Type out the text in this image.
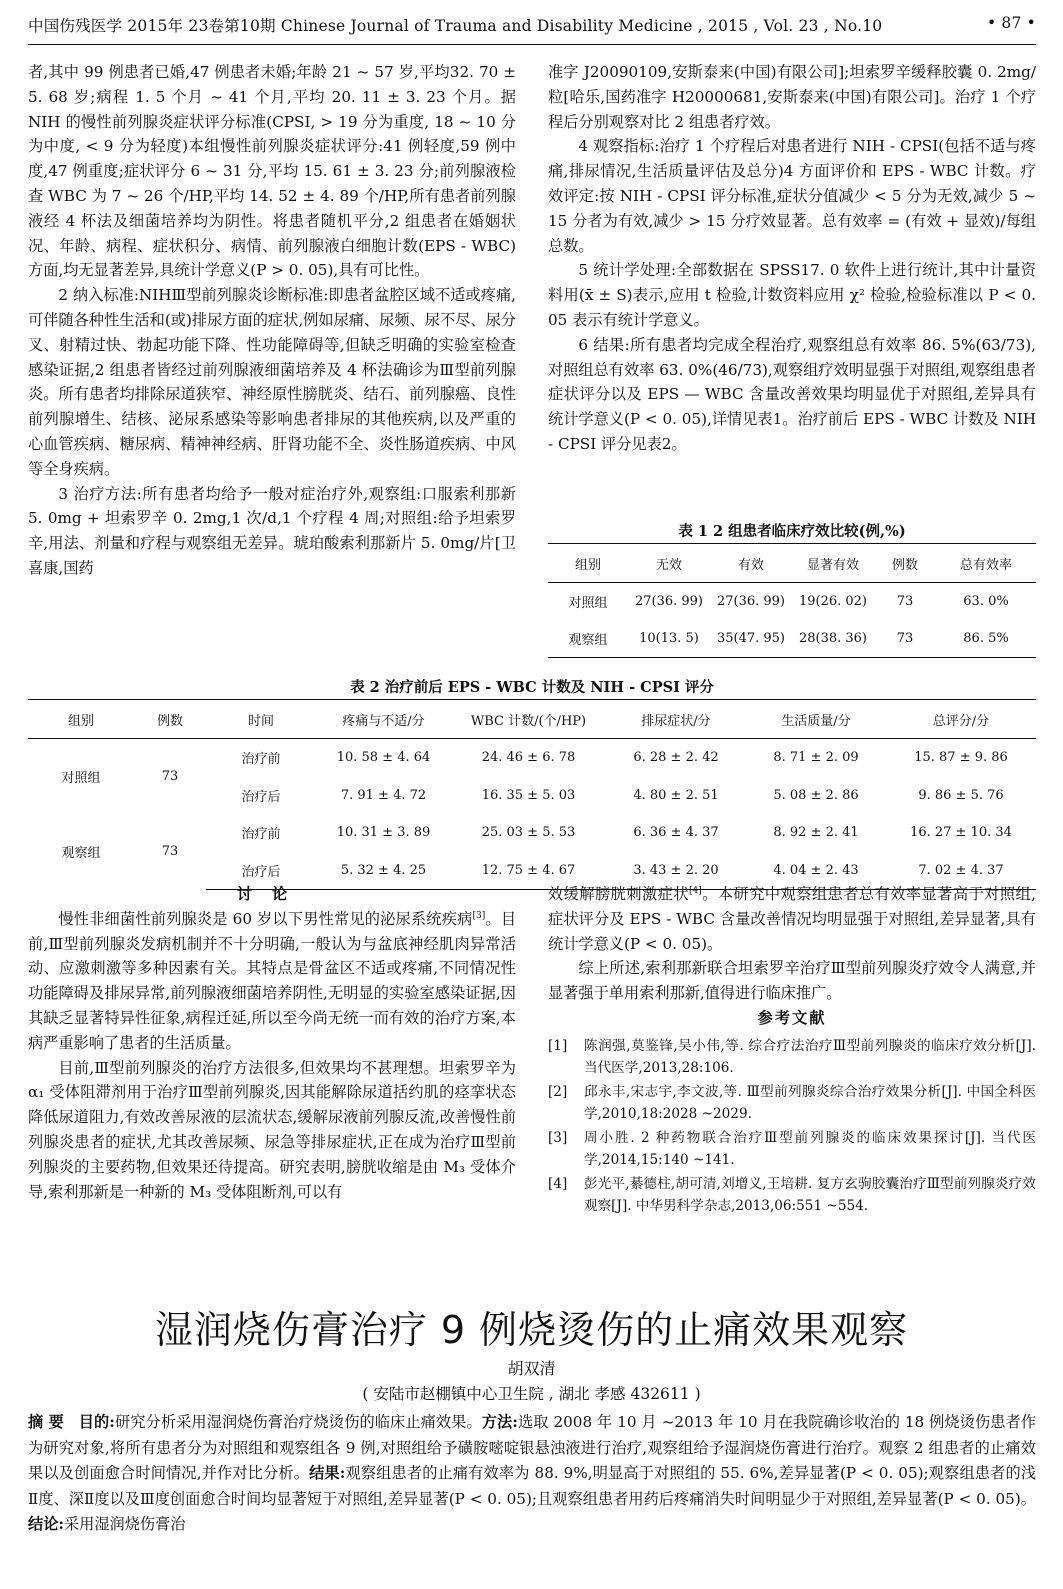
中国伤残医学 2015年 23卷第10期 Chinese Journal of Trauma and Disability Medicine , 2015 , Vol. 23 , No.10	• 87 •

者,其中 99 例患者已婚,47 例患者未婚;年龄 21 ~ 57 岁,平均32. 70 ± 5. 68 岁;病程 1. 5 个月 ~ 41 个月,平均 20. 11 ± 3. 23 个月。据 NIH 的慢性前列腺炎症状评分标准(CPSI, > 19 分为重度, 18 ~ 10 分为中度, < 9 分为轻度)本组慢性前列腺炎症状评分:41 例轻度,59 例中度,47 例重度;症状评分 6 ~ 31 分,平均 15. 61 ± 3. 23 分;前列腺液检查 WBC 为 7 ~ 26 个/HP,平均 14. 52 ± 4. 89 个/HP,所有患者前列腺液经 4 杯法及细菌培养均为阴性。将患者随机平分,2 组患者在婚姻状况、年龄、病程、症状积分、病情、前列腺液白细胞计数(EPS - WBC)方面,均无显著差异,具统计学意义(P > 0. 05),具有可比性。

2 纳入标准:NIHⅢ型前列腺炎诊断标准:即患者盆腔区域不适或疼痛,可伴随各种性生活和(或)排尿方面的症状,例如尿痛、尿频、尿不尽、尿分叉、射精过快、勃起功能下降、性功能障碍等,但缺乏明确的实验室检查感染证据,2 组患者皆经过前列腺液细菌培养及 4 杯法确诊为Ⅲ型前列腺炎。所有患者均排除尿道狭窄、神经原性膀胱炎、结石、前列腺癌、良性前列腺增生、结核、泌尿系感染等影响患者排尿的其他疾病,以及严重的心血管疾病、糖尿病、精神神经病、肝肾功能不全、炎性肠道疾病、中风等全身疾病。

3 治疗方法:所有患者均给予一般对症治疗外,观察组:口服索利那新 5. 0mg + 坦索罗辛 0. 2mg,1 次/d,1 个疗程 4 周;对照组:给予坦索罗辛,用法、剂量和疗程与观察组无差异。琥珀酸索利那新片 5. 0mg/片[卫喜康,国药

准字 J20090109,安斯泰来(中国)有限公司];坦索罗辛缓释胶囊 0. 2mg/粒[哈乐,国药准字 H20000681,安斯泰来(中国)有限公司]。治疗 1 个疗程后分别观察对比 2 组患者疗效。

4 观察指标:治疗 1 个疗程后对患者进行 NIH - CPSI(包括不适与疼痛,排尿情况,生活质量评估及总分)4 方面评价和 EPS - WBC 计数。疗效评定:按 NIH - CPSI 评分标准,症状分值减少 < 5 分为无效,减少 5 ~ 15 分者为有效,减少 > 15 分疗效显著。总有效率 = (有效 + 显效)/每组总数。

5 统计学处理:全部数据在 SPSS17. 0 软件上进行统计,其中计量资料用(x̄ ± S)表示,应用 t 检验,计数资料应用 χ² 检验,检验标准以 P < 0. 05 表示有统计学意义。

6 结果:所有患者均完成全程治疗,观察组总有效率 86. 5%(63/73),对照组总有效率 63. 0%(46/73),观察组疗效明显强于对照组,观察组患者症状评分以及 EPS — WBC 含量改善效果均明显优于对照组,差异具有统计学意义(P < 0. 05),详情见表1。治疗前后 EPS - WBC 计数及 NIH - CPSI 评分见表2。

表 1 2 组患者临床疗效比较(例,%)
组别	无效	有效	显著有效	例数	总有效率
对照组	27(36. 99)	27(36. 99)	19(26. 02)	73	63. 0%
观察组	10(13. 5)	35(47. 95)	28(38. 36)	73	86. 5%
表 2 治疗前后 EPS - WBC 计数及 NIH - CPSI 评分
组别	例数	时间	疼痛与不适/分	WBC 计数/(个/HP)	排尿症状/分	生活质量/分	总评分/分
对照组	73	治疗前	10. 58 ± 4. 64	24. 46 ± 6. 78	6. 28 ± 2. 42	8. 71 ± 2. 09	15. 87 ± 9. 86
		治疗后	7. 91 ± 4. 72	16. 35 ± 5. 03	4. 80 ± 2. 51	5. 08 ± 2. 86	9. 86 ± 5. 76
观察组	73	治疗前	10. 31 ± 3. 89	25. 03 ± 5. 53	6. 36 ± 4. 37	8. 92 ± 2. 41	16. 27 ± 10. 34
		治疗后	5. 32 ± 4. 25	12. 75 ± 4. 67	3. 43 ± 2. 20	4. 04 ± 2. 43	7. 02 ± 4. 37

讨论

慢性非细菌性前列腺炎是 60 岁以下男性常见的泌尿系统疾病[3]。目前,Ⅲ型前列腺炎发病机制并不十分明确,一般认为与盆底神经肌肉异常活动、应激刺激等多种因素有关。其特点是骨盆区不适或疼痛,不同情况性功能障碍及排尿异常,前列腺液细菌培养阴性,无明显的实验室感染证据,因其缺乏显著特异性征象,病程迁延,所以至今尚无统一而有效的治疗方案,本病严重影响了患者的生活质量。

目前,Ⅲ型前列腺炎的治疗方法很多,但效果均不甚理想。坦索罗辛为 α₁ 受体阻滞剂用于治疗Ⅲ型前列腺炎,因其能解除尿道括约肌的痉挛状态降低尿道阻力,有效改善尿液的层流状态,缓解尿液前列腺反流,改善慢性前列腺炎患者的症状,尤其改善尿频、尿急等排尿症状,正在成为治疗Ⅲ型前列腺炎的主要药物,但效果还待提高。研究表明,膀胱收缩是由 M₃ 受体介导,索利那新是一种新的 M₃ 受体阻断剂,可以有

效缓解膀胱刺激症状[4]。本研究中观察组患者总有效率显著高于对照组,症状评分及 EPS - WBC 含量改善情况均明显强于对照组,差异显著,具有统计学意义(P < 0. 05)。

综上所述,索利那新联合坦索罗辛治疗Ⅲ型前列腺炎疗效令人满意,并显著强于单用索利那新,值得进行临床推广。

参考文献

[1]	陈润强,莫鉴锋,吴小伟,等. 综合疗法治疗Ⅲ型前列腺炎的临床疗效分析[J]. 当代医学,2013,28:106.
[2]	邱永丰,宋志宇,李文波,等. Ⅲ型前列腺炎综合治疗效果分析[J]. 中国全科医学,2010,18:2028 ~2029.
[3]	周小胜. 2 种药物联合治疗Ⅲ型前列腺炎的临床效果探讨[J]. 当代医学,2014,15:140 ~141.
[4]	彭光平,綦德柱,胡可清,刘增义,王培耕. 复方玄驹胶囊治疗Ⅲ型前列腺炎疗效观察[J]. 中华男科学杂志,2013,06:551 ~554.
湿润烧伤膏治疗 9 例烧烫伤的止痛效果观察
胡双清
( 安陆市赵棚镇中心卫生院 , 湖北 孝感 432611 )
摘 要 目的:研究分析采用湿润烧伤膏治疗烧烫伤的临床止痛效果。方法:选取 2008 年 10 月 ~2013 年 10 月在我院确诊收治的 18 例烧烫伤患者作为研究对象,将所有患者分为对照组和观察组各 9 例,对照组给予磺胺嘧啶银悬浊液进行治疗,观察组给予湿润烧伤膏进行治疗。观察 2 组患者的止痛效果以及创面愈合时间情况,并作对比分析。结果:观察组患者的止痛有效率为 88. 9%,明显高于对照组的 55. 6%,差异显著(P < 0. 05);观察组患者的浅Ⅱ度、深Ⅱ度以及Ⅲ度创面愈合时间均显著短于对照组,差异显著(P < 0. 05);且观察组患者用药后疼痛消失时间明显少于对照组,差异显著(P < 0. 05)。结论:采用湿润烧伤膏治
